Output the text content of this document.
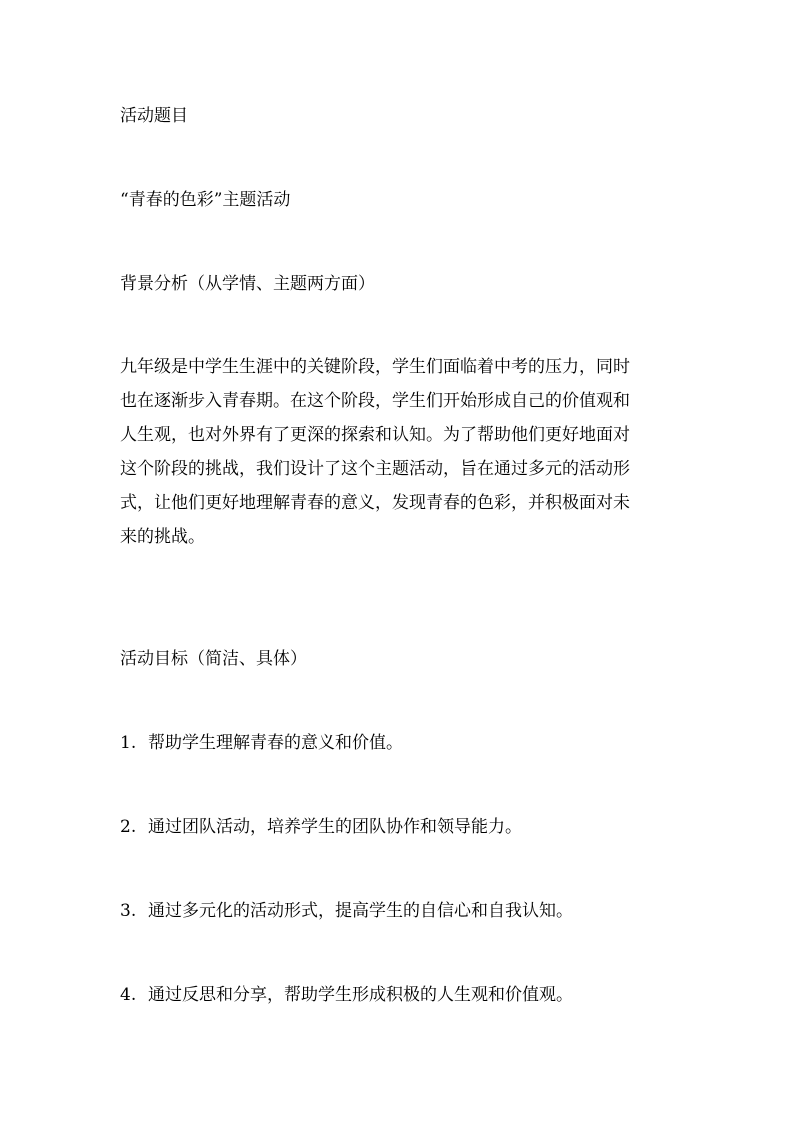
活动题目

“青春的色彩”主题活动

背景分析（从学情、主题两方面）

九年级是中学生生涯中的关键阶段，学生们面临着中考的压力，同时
也在逐渐步入青春期。在这个阶段，学生们开始形成自己的价值观和
人生观，也对外界有了更深的探索和认知。为了帮助他们更好地面对
这个阶段的挑战，我们设计了这个主题活动，旨在通过多元的活动形
式，让他们更好地理解青春的意义，发现青春的色彩，并积极面对未
来的挑战。

活动目标（简洁、具体）

1. 帮助学生理解青春的意义和价值。
2. 通过团队活动，培养学生的团队协作和领导能力。
3. 通过多元化的活动形式，提高学生的自信心和自我认知。
4. 通过反思和分享，帮助学生形成积极的人生观和价值观。
